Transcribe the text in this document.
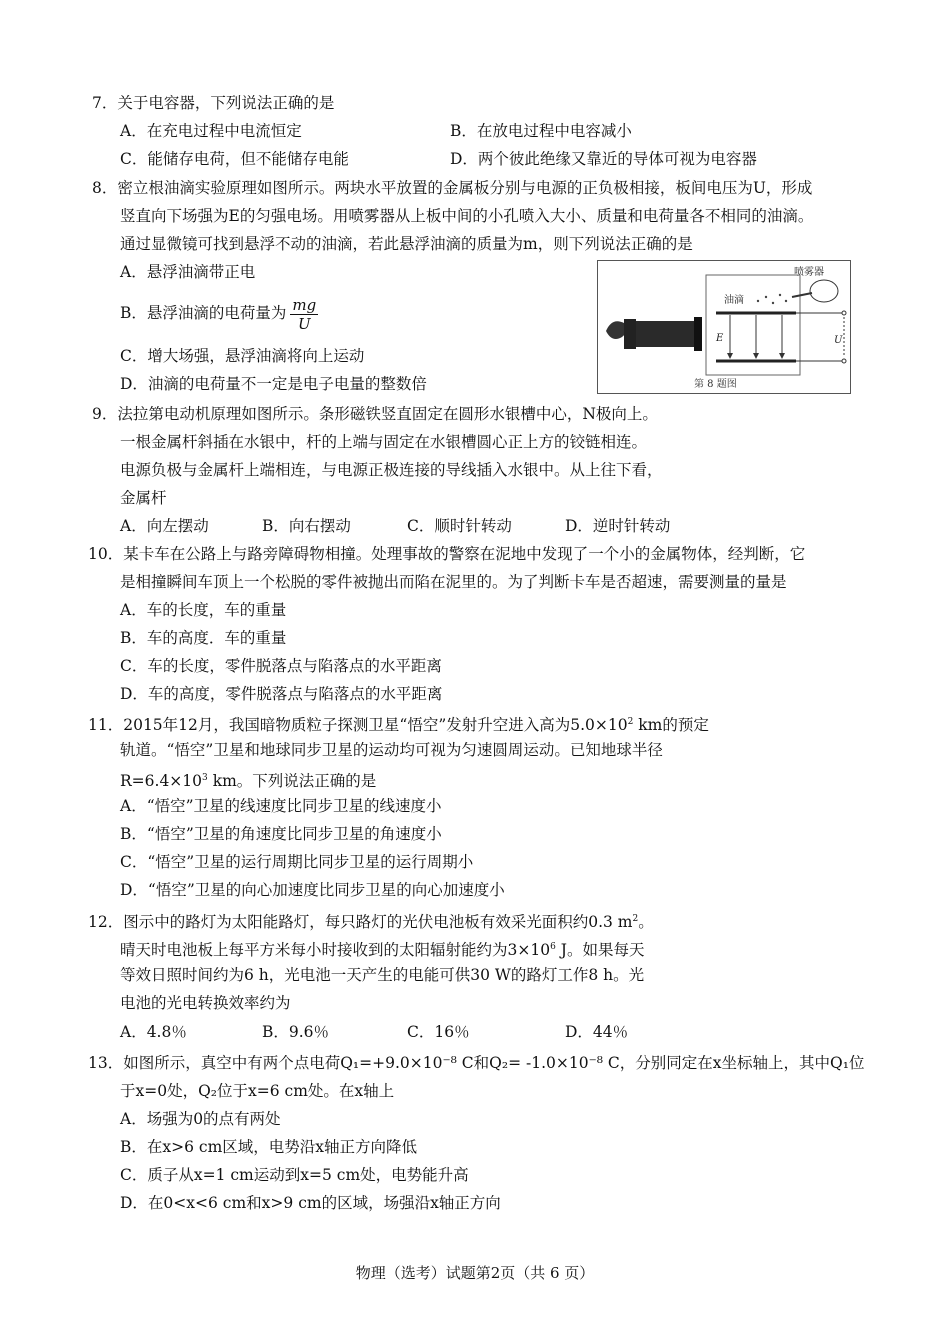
7．关于电容器，下列说法正确的是
A．在充电过程中电流恒定	B．在放电过程中电容减小
C．能储存电荷，但不能储存电能	D．两个彼此绝缘又靠近的导体可视为电容器
8．密立根油滴实验原理如图所示。两块水平放置的金属板分别与电源的正负极相接，板间电压为U，形成
竖直向下场强为E的匀强电场。用喷雾器从上板中间的小孔喷入大小、质量和电荷量各不相同的油滴。
通过显微镜可找到悬浮不动的油滴，若此悬浮油滴的质量为m，则下列说法正确的是
A．悬浮油滴带正电
B．悬浮油滴的电荷量为 $\frac{mg}{U}$
C．增大场强，悬浮油滴将向上运动
D．油滴的电荷量不一定是电子电量的整数倍
E
油滴
喷雾器
U
第 8 题图
9．法拉第电动机原理如图所示。条形磁铁竖直固定在圆形水银槽中心，N极向上。
一根金属杆斜插在水银中，杆的上端与固定在水银槽圆心正上方的铰链相连。
电源负极与金属杆上端相连，与电源正极连接的导线插入水银中。从上往下看，
金属杆
A．向左摆动	B．向右摆动	C．顺时针转动	D．逆时针转动
10．某卡车在公路上与路旁障碍物相撞。处理事故的警察在泥地中发现了一个小的金属物体，经判断，它
是相撞瞬间车顶上一个松脱的零件被抛出而陷在泥里的。为了判断卡车是否超速，需要测量的量是
A．车的长度，车的重量
B．车的高度．车的重量
C．车的长度，零件脱落点与陷落点的水平距离
D．车的高度，零件脱落点与陷落点的水平距离
11．2015年12月，我国暗物质粒子探测卫星“悟空”发射升空进入高为$5.0\times 10^2$ km的预定
轨道。“悟空”卫星和地球同步卫星的运动均可视为匀速圆周运动。已知地球半径
$R=6.4\times 10^3$ km。下列说法正确的是
A．“悟空”卫星的线速度比同步卫星的线速度小
B．“悟空”卫星的角速度比同步卫星的角速度小
C．“悟空”卫星的运行周期比同步卫星的运行周期小
D．“悟空”卫星的向心加速度比同步卫星的向心加速度小
12．图示中的路灯为太阳能路灯，每只路灯的光伏电池板有效采光面积约0.3 $m^2$。
晴天时电池板上每平方米每小时接收到的太阳辐射能约为$3\times 10^6$ J。如果每天
等效日照时间约为6 h，光电池一天产生的电能可供30 W的路灯工作8 h。光
电池的光电转换效率约为
A．4.8％	B．9.6％	C．16％	D．44％
13．如图所示，真空中有两个点电荷Q₁=+9.0×10⁻⁸ C和Q₂= -1.0×10⁻⁸ C，分别同定在x坐标轴上，其中Q₁位
于x=0处，Q₂位于x=6 cm处。在x轴上
A．场强为0的点有两处
B．在x>6 cm区域，电势沿x轴正方向降低
C．质子从x=1 cm运动到x=5 cm处，电势能升高
D．在0<x<6 cm和x>9 cm的区域，场强沿x轴正方向
物理（选考）试题第2页（共 6 页）
